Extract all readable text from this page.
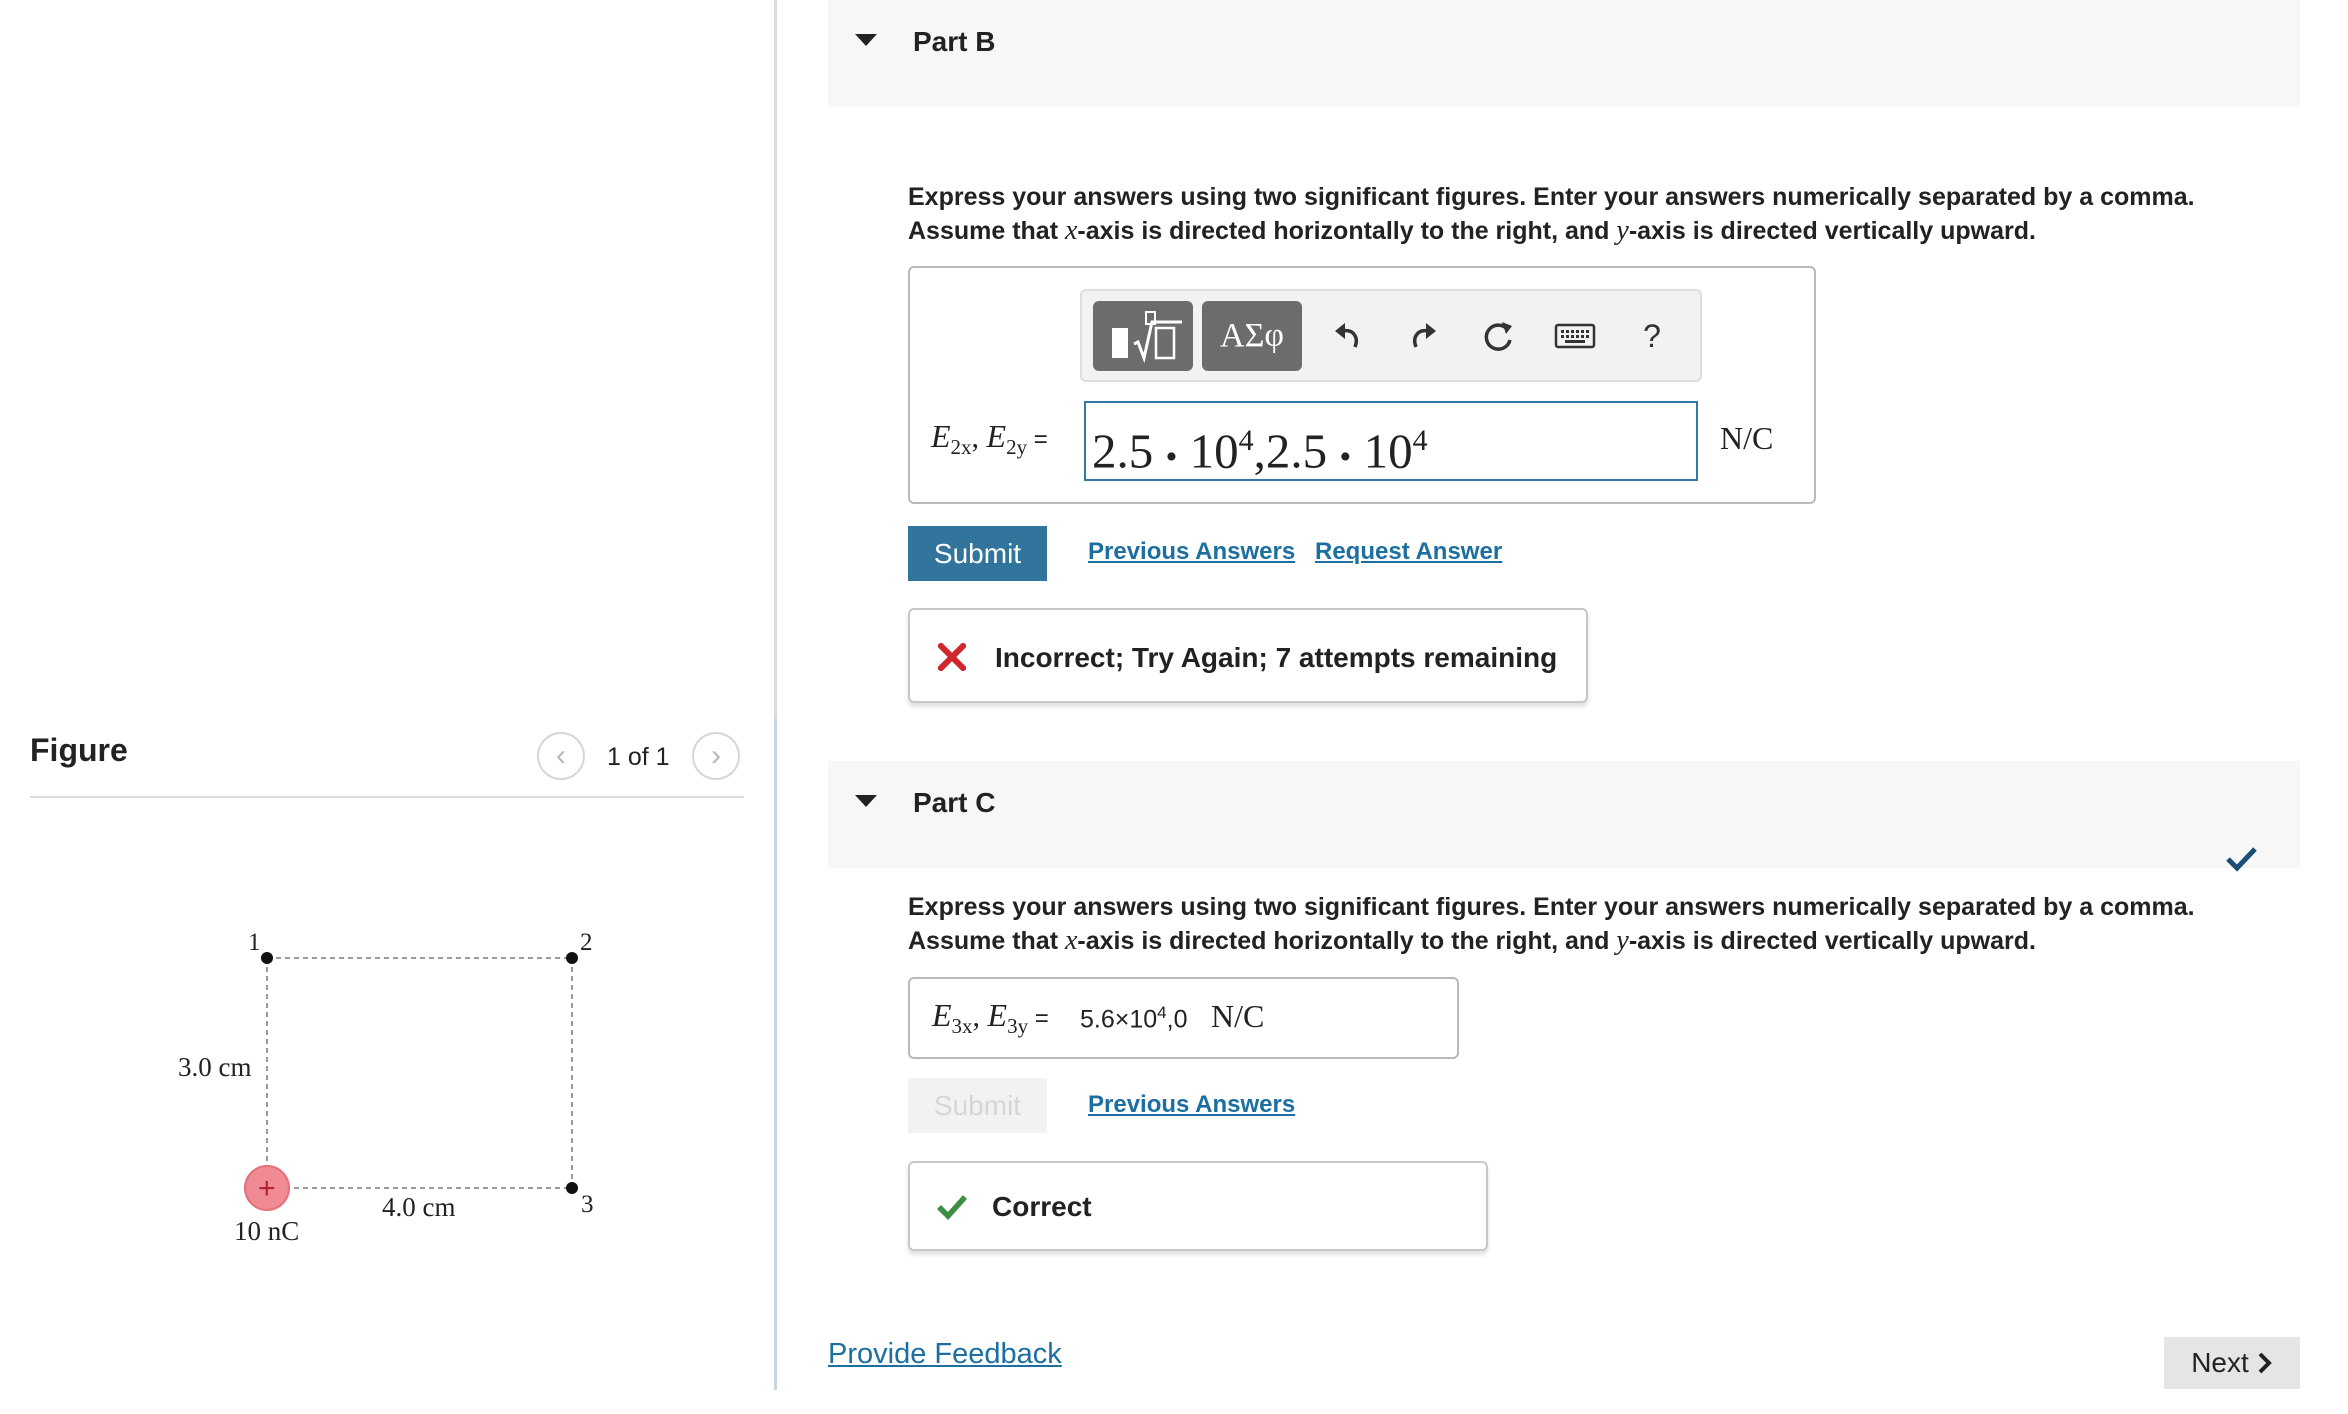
Figure	‹ 1 of 1 ›
1	2
3
3.0 cm
4.0 cm
+
10 nC
Part B
Express your answers using two significant figures. Enter your answers numerically separated by a comma.
Assume that x-axis is directed horizontally to the right, and y-axis is directed vertically upward.
ΑΣφ	?
$E_{2x}$, $E_{2y} = 2.5$ • $10^4,2.5$ • $10^4$	N/C
Submit	Previous Answers Request Answer
Incorrect; Try Again; 7 attempts remaining
Part C
Express your answers using two significant figures. Enter your answers numerically separated by a comma.
Assume that x-axis is directed horizontally to the right, and y-axis is directed vertically upward.
$E_{3x}$, $E_{3y} = 5.6\times 10^4,0$ N/C
Submit	Previous Answers
Correct
Provide Feedback	Next
